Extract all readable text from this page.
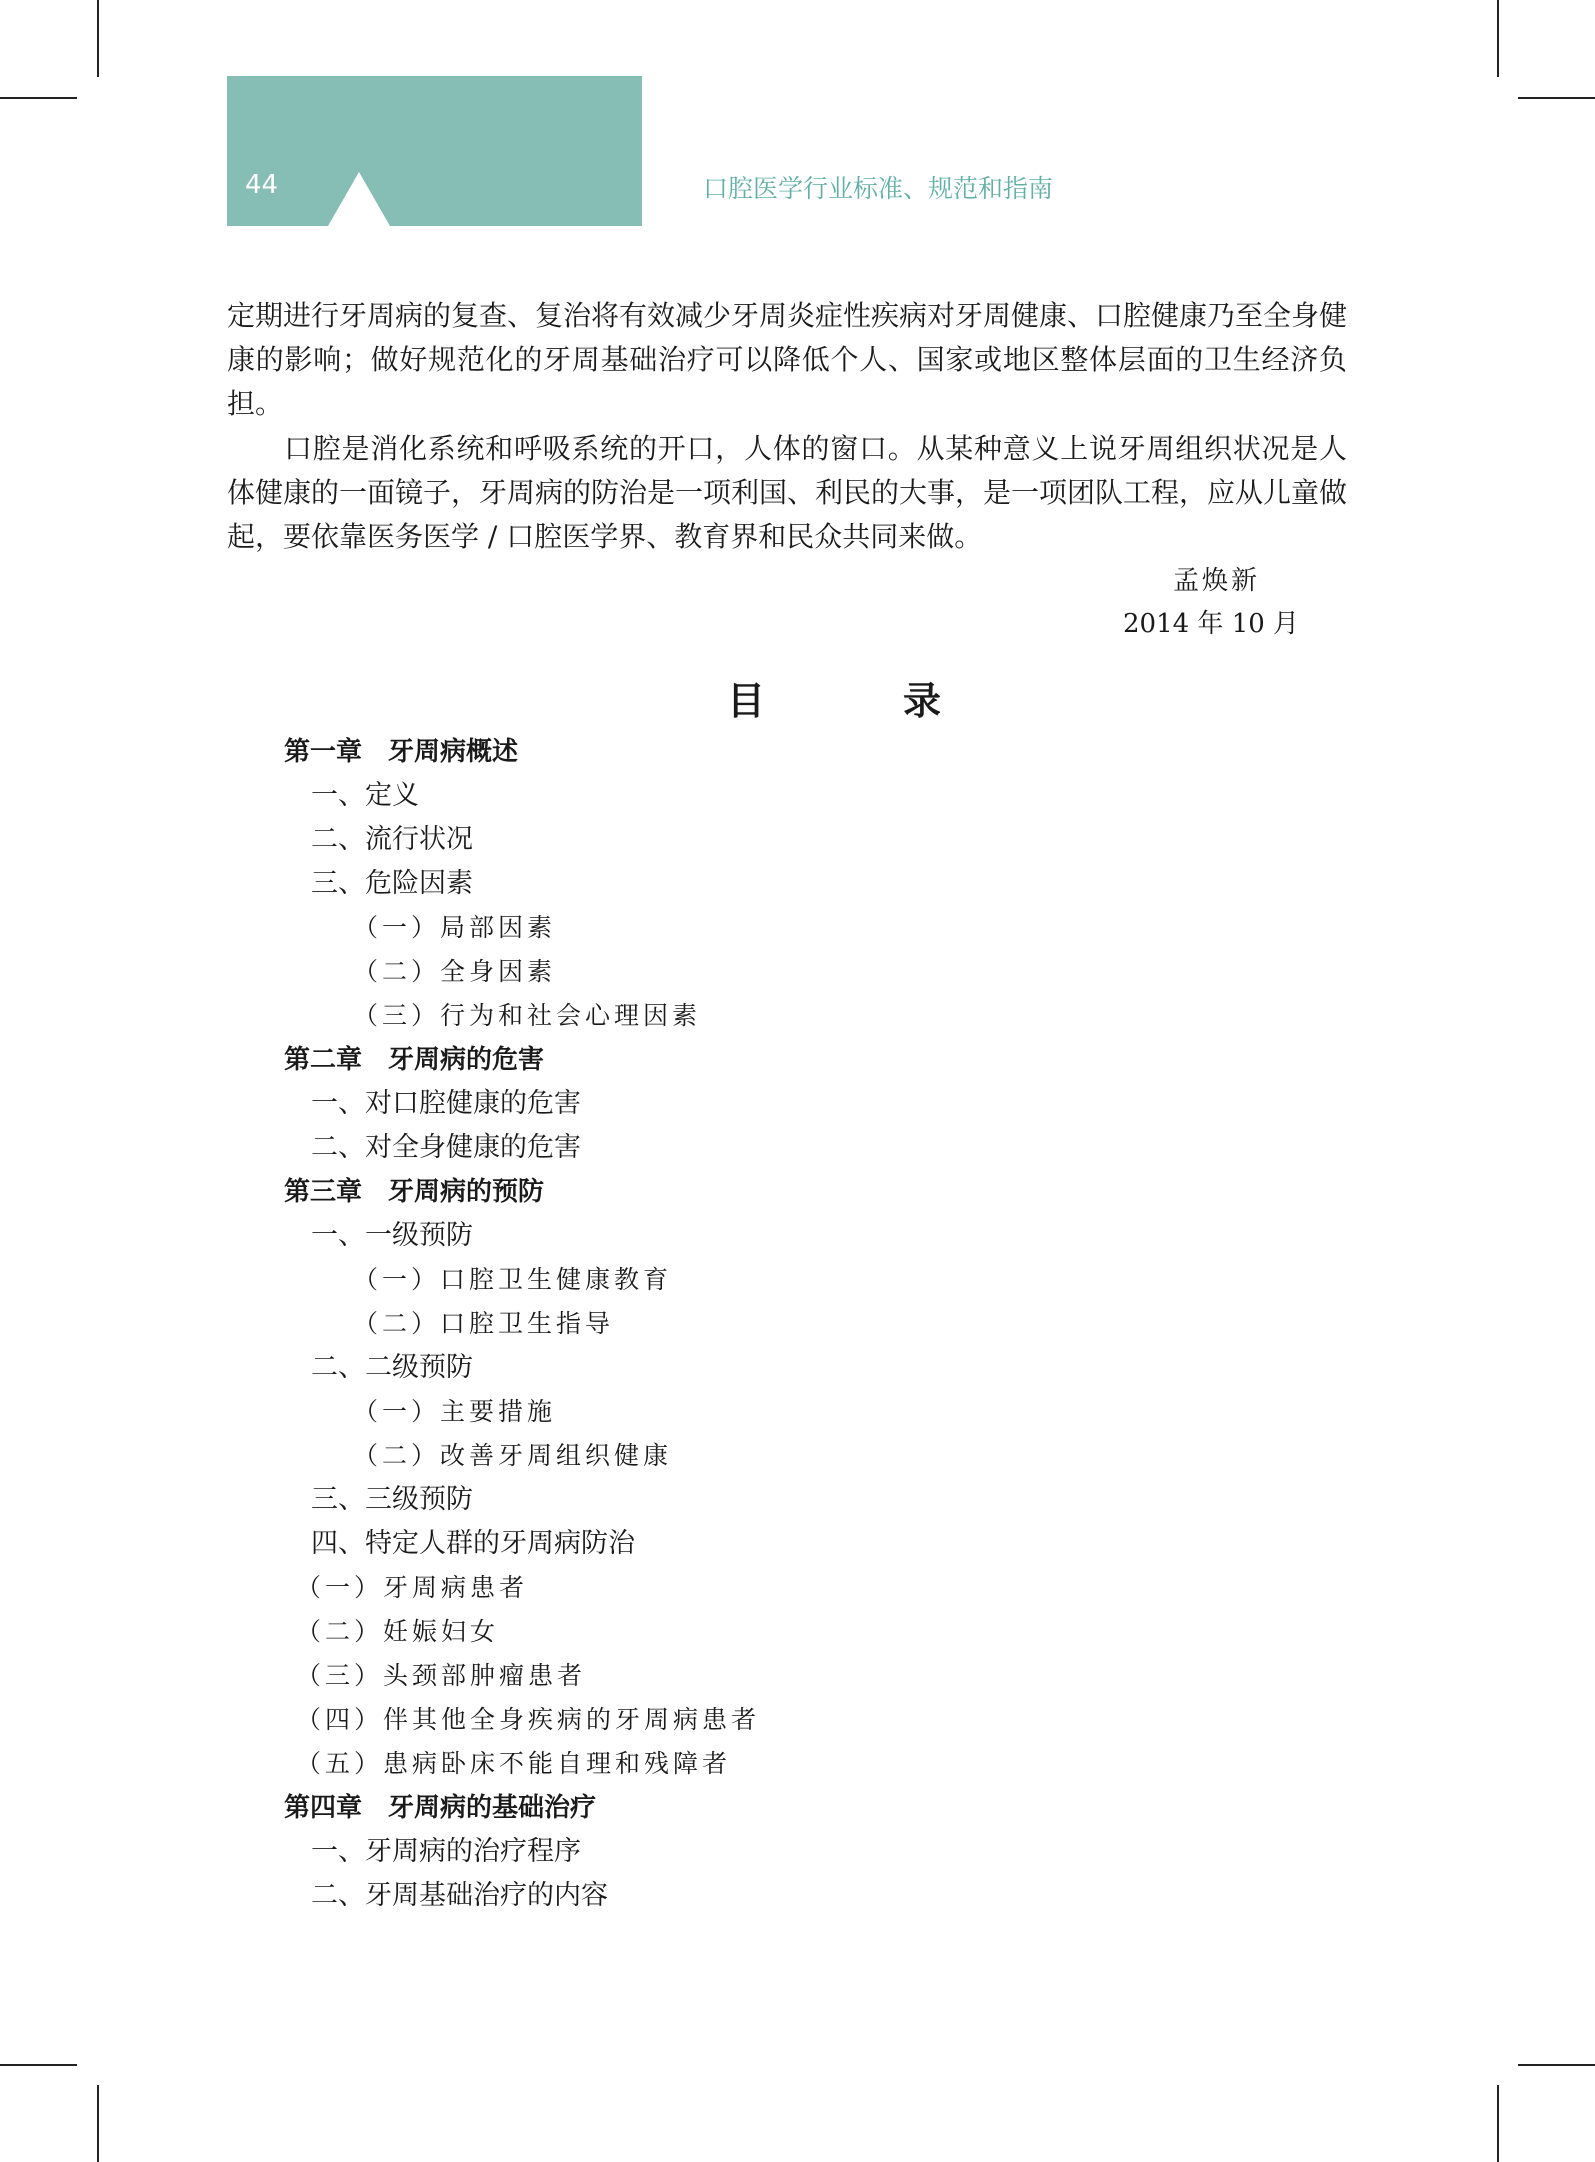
44	口腔医学行业标准、规范和指南
定期进行牙周病的复查、复治将有效减少牙周炎症性疾病对牙周健康、口腔健康乃至全身健康的影响；做好规范化的牙周基础治疗可以降低个人、国家或地区整体层面的卫生经济负担。
口腔是消化系统和呼吸系统的开口，人体的窗口。从某种意义上说牙周组织状况是人体健康的一面镜子，牙周病的防治是一项利国、利民的大事，是一项团队工程，应从儿童做起，要依靠医务医学 / 口腔医学界、教育界和民众共同来做。
孟焕新
2014 年 10 月
目　录
第一章　牙周病概述
一、定义
二、流行状况
三、危险因素
（一）局部因素
（二）全身因素
（三）行为和社会心理因素
第二章　牙周病的危害
一、对口腔健康的危害
二、对全身健康的危害
第三章　牙周病的预防
一、一级预防
（一）口腔卫生健康教育
（二）口腔卫生指导
二、二级预防
（一）主要措施
（二）改善牙周组织健康
三、三级预防
四、特定人群的牙周病防治
（一）牙周病患者
（二）妊娠妇女
（三）头颈部肿瘤患者
（四）伴其他全身疾病的牙周病患者
（五）患病卧床不能自理和残障者
第四章　牙周病的基础治疗
一、牙周病的治疗程序
二、牙周基础治疗的内容
